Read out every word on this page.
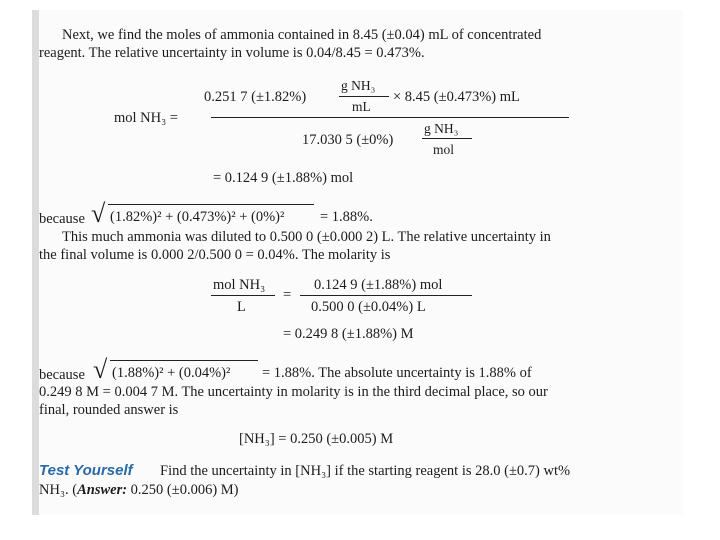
Next, we find the moles of ammonia contained in 8.45 (±0.04) mL of concentrated
reagent. The relative uncertainty in volume is 0.04/8.45 = 0.473%.
0.251 7 (±1.82%)
g NH₃
mL
× 8.45 (±0.473%) mL
mol NH₃ =
17.030 5 (±0%)
g NH₃
mol
= 0.124 9 (±1.88%) mol
because √ (1.82%)² + (0.473%)² + (0%)² = 1.88%.
This much ammonia was diluted to 0.500 0 (±0.000 2) L. The relative uncertainty in
the final volume is 0.000 2/0.500 0 = 0.04%. The molarity is
mol NH₃
L
=
0.124 9 (±1.88%) mol
0.500 0 (±0.04%) L
= 0.249 8 (±1.88%) M
because √ (1.88%)² + (0.04%)² = 1.88%. The absolute uncertainty is 1.88% of
0.249 8 M = 0.004 7 M. The uncertainty in molarity is in the third decimal place, so our
final, rounded answer is
[NH₃] = 0.250 (±0.005) M
Test Yourself Find the uncertainty in [NH₃] if the starting reagent is 28.0 (±0.7) wt%
NH₃. (Answer: 0.250 (±0.006) M)
